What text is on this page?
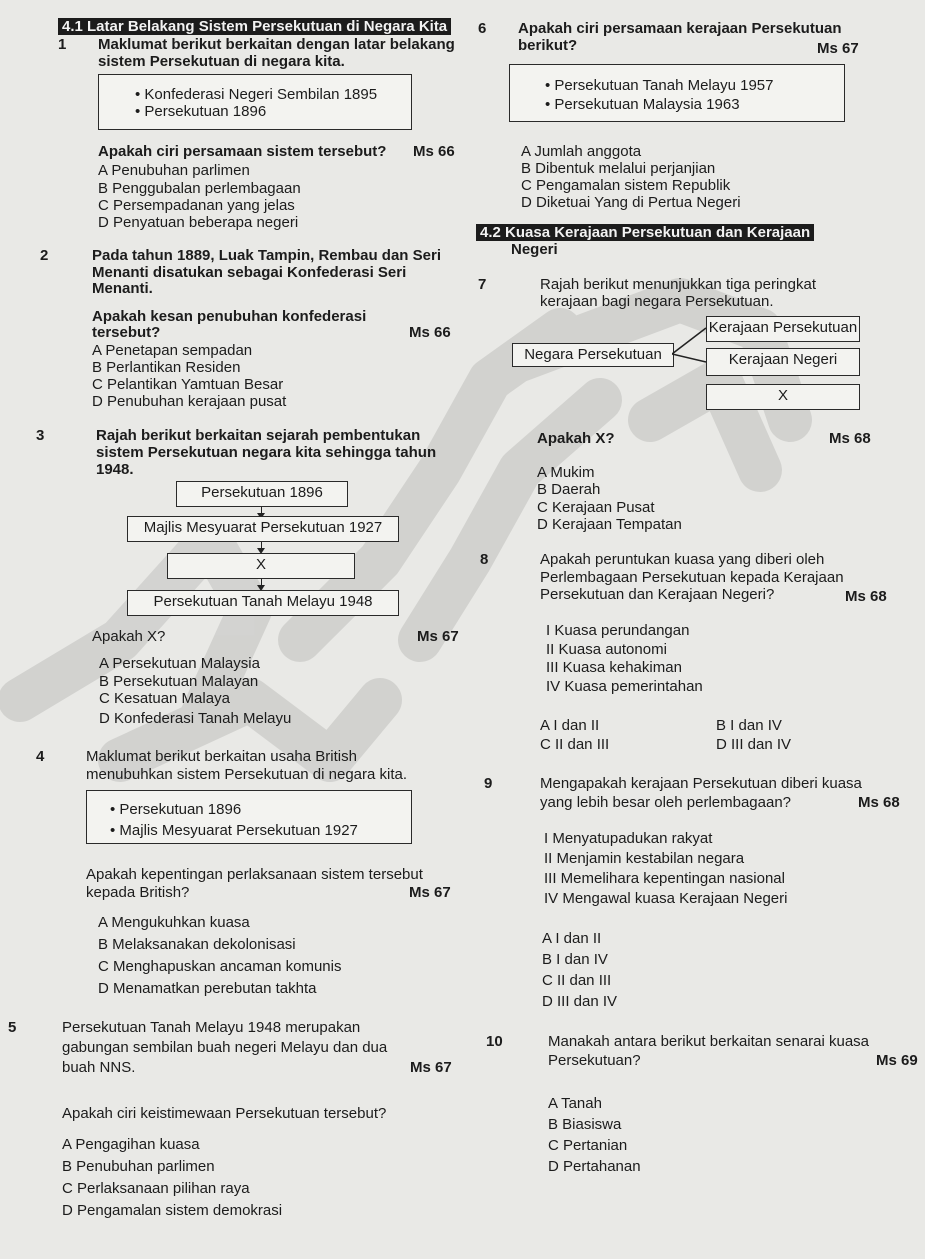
4.1 Latar Belakang Sistem Persekutuan di Negara Kita
1 Maklumat berikut berkaitan dengan latar belakang
sistem Persekutuan di negara kita.
• Konfederasi Negeri Sembilan 1895
• Persekutuan 1896
Apakah ciri persamaan sistem tersebut? Ms 66
A Penubuhan parlimen
B Penggubalan perlembagaan
C Persempadanan yang jelas
D Penyatuan beberapa negeri
2	Pada tahun 1889, Luak Tampin, Rembau dan Seri
Menanti disatukan sebagai Konfederasi Seri
Menanti.
Apakah kesan penubuhan konfederasi
tersebut?	Ms 66
A Penetapan sempadan
B Perlantikan Residen
C Pelantikan Yamtuan Besar
D Penubuhan kerajaan pusat
3	Rajah berikut berkaitan sejarah pembentukan
sistem Persekutuan negara kita sehingga tahun
1948.
Persekutuan 1896
Majlis Mesyuarat Persekutuan 1927
X
Persekutuan Tanah Melayu 1948
Apakah X?	Ms 67
A Persekutuan Malaysia
B Persekutuan Malayan
C Kesatuan Malaya
D Konfederasi Tanah Melayu
4	Maklumat berikut berkaitan usaha British
menubuhkan sistem Persekutuan di negara kita.
• Persekutuan 1896
• Majlis Mesyuarat Persekutuan 1927
Apakah kepentingan perlaksanaan sistem tersebut
kepada British?	Ms 67
A Mengukuhkan kuasa
B Melaksanakan dekolonisasi
C Menghapuskan ancaman komunis
D Menamatkan perebutan takhta
5	Persekutuan Tanah Melayu 1948 merupakan
gabungan sembilan buah negeri Melayu dan dua
buah NNS.	Ms 67
Apakah ciri keistimewaan Persekutuan tersebut?
A Pengagihan kuasa
B Penubuhan parlimen
C Perlaksanaan pilihan raya
D Pengamalan sistem demokrasi
6 Apakah ciri persamaan kerajaan Persekutuan
berikut?	Ms 67
• Persekutuan Tanah Melayu 1957
• Persekutuan Malaysia 1963
A Jumlah anggota
B Dibentuk melalui perjanjian
C Pengamalan sistem Republik
D Diketuai Yang di Pertua Negeri
4.2 Kuasa Kerajaan Persekutuan dan Kerajaan
Negeri
7	Rajah berikut menunjukkan tiga peringkat
kerajaan bagi negara Persekutuan.
Negara Persekutuan
Kerajaan Persekutuan
Kerajaan Negeri
X
Apakah X?	Ms 68
A Mukim
B Daerah
C Kerajaan Pusat
D Kerajaan Tempatan
8	Apakah peruntukan kuasa yang diberi oleh
Perlembagaan Persekutuan kepada Kerajaan
Persekutuan dan Kerajaan Negeri?	Ms 68
I Kuasa perundangan
II Kuasa autonomi
III Kuasa kehakiman
IV Kuasa pemerintahan
A I dan II	B I dan IV
C II dan III	D III dan IV
9	Mengapakah kerajaan Persekutuan diberi kuasa
yang lebih besar oleh perlembagaan?	Ms 68
I Menyatupadukan rakyat
II Menjamin kestabilan negara
III Memelihara kepentingan nasional
IV Mengawal kuasa Kerajaan Negeri
A I dan II
B I dan IV
C II dan III
D III dan IV
10	Manakah antara berikut berkaitan senarai kuasa
Persekutuan?	Ms 69
A Tanah
B Biasiswa
C Pertanian
D Pertahanan
